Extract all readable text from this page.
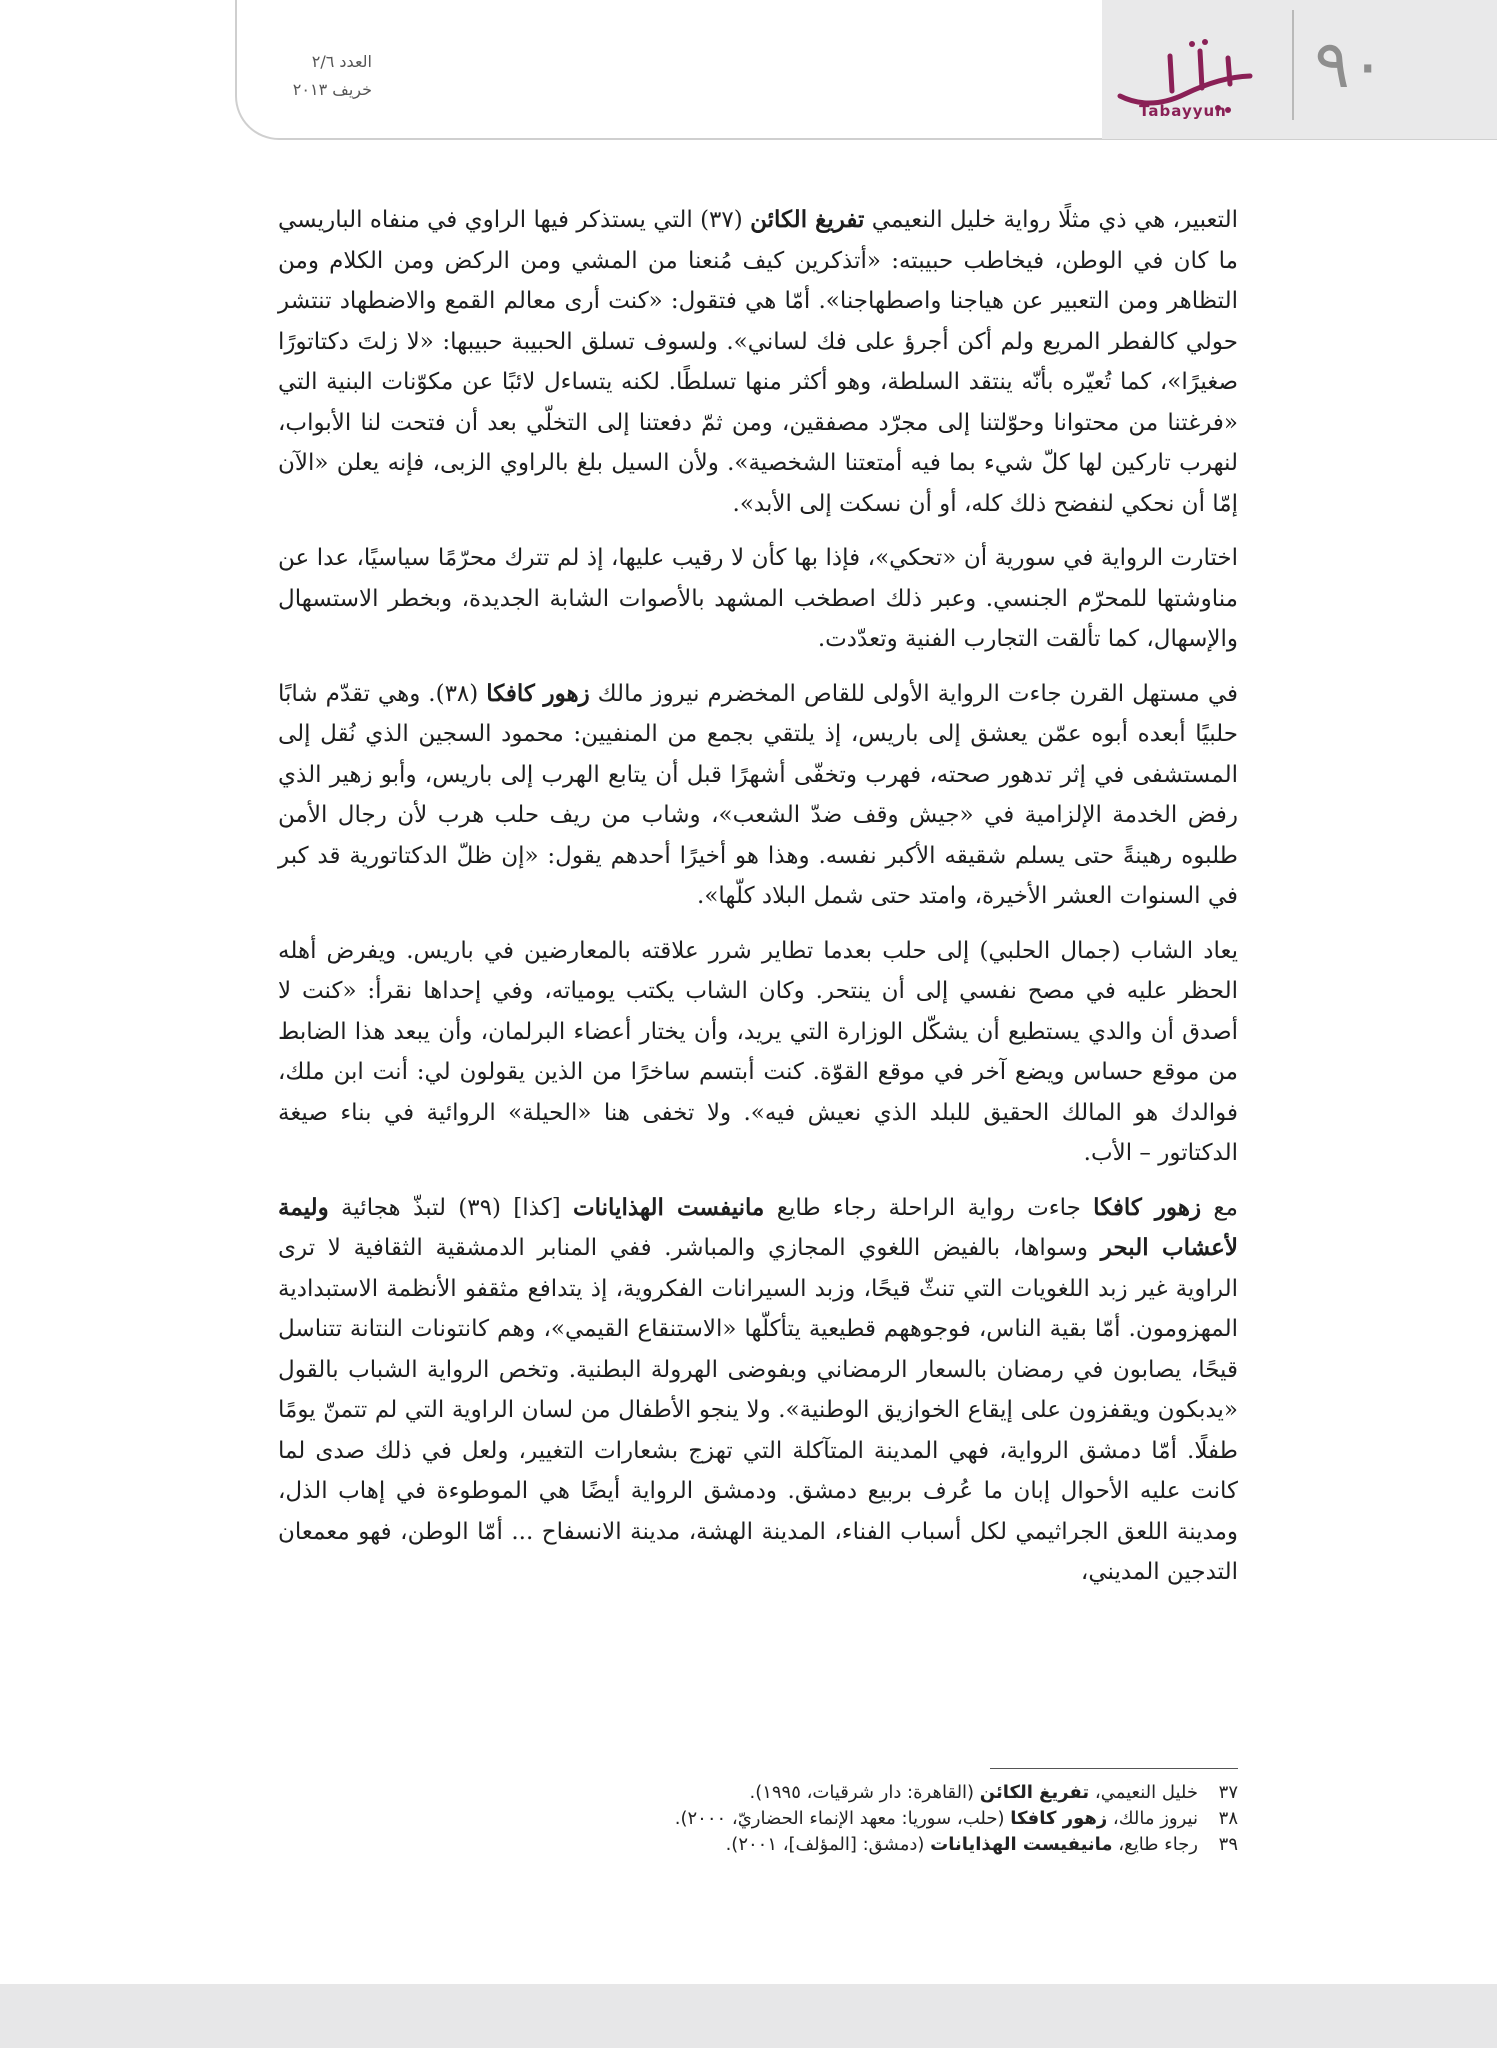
العدد ٢/٦
خريف ٢٠١٣
Tabayyun
٩٠

التعبير، هي ذي مثلًا رواية خليل النعيمي تفريغ الكائن (٣٧) التي يستذكر فيها الراوي في منفاه الباريسي ما كان في الوطن، فيخاطب حبيبته: «أتذكرين كيف مُنعنا من المشي ومن الركض ومن الكلام ومن التظاهر ومن التعبير عن هياجنا واصطهاجنا». أمّا هي فتقول: «كنت أرى معالم القمع والاضطهاد تنتشر حولي كالفطر المريع ولم أكن أجرؤ على فك لساني». ولسوف تسلق الحبيبة حبيبها: «لا زلتَ دكتاتورًا صغيرًا»، كما تُعيّره بأنّه ينتقد السلطة، وهو أكثر منها تسلطًا. لكنه يتساءل لائبًا عن مكوّنات البنية التي «فرغتنا من محتوانا وحوّلتنا إلى مجرّد مصفقين، ومن ثمّ دفعتنا إلى التخلّي بعد أن فتحت لنا الأبواب، لنهرب تاركين لها كلّ شيء بما فيه أمتعتنا الشخصية». ولأن السيل بلغ بالراوي الزبى، فإنه يعلن «الآن إمّا أن نحكي لنفضح ذلك كله، أو أن نسكت إلى الأبد».

اختارت الرواية في سورية أن «تحكي»، فإذا بها كأن لا رقيب عليها، إذ لم تترك محرّمًا سياسيًا، عدا عن مناوشتها للمحرّم الجنسي. وعبر ذلك اصطخب المشهد بالأصوات الشابة الجديدة، وبخطر الاستسهال والإسهال، كما تألقت التجارب الفنية وتعدّدت.

في مستهل القرن جاءت الرواية الأولى للقاص المخضرم نيروز مالك زهور كافكا (٣٨). وهي تقدّم شابًا حلبيًا أبعده أبوه عمّن يعشق إلى باريس، إذ يلتقي بجمع من المنفيين: محمود السجين الذي نُقل إلى المستشفى في إثر تدهور صحته، فهرب وتخفّى أشهرًا قبل أن يتابع الهرب إلى باريس، وأبو زهير الذي رفض الخدمة الإلزامية في «جيش وقف ضدّ الشعب»، وشاب من ريف حلب هرب لأن رجال الأمن طلبوه رهينةً حتى يسلم شقيقه الأكبر نفسه. وهذا هو أخيرًا أحدهم يقول: «إن ظلّ الدكتاتورية قد كبر في السنوات العشر الأخيرة، وامتد حتى شمل البلاد كلّها».

يعاد الشاب (جمال الحلبي) إلى حلب بعدما تطاير شرر علاقته بالمعارضين في باريس. ويفرض أهله الحظر عليه في مصح نفسي إلى أن ينتحر. وكان الشاب يكتب يومياته، وفي إحداها نقرأ: «كنت لا أصدق أن والدي يستطيع أن يشكّل الوزارة التي يريد، وأن يختار أعضاء البرلمان، وأن يبعد هذا الضابط من موقع حساس ويضع آخر في موقع القوّة. كنت أبتسم ساخرًا من الذين يقولون لي: أنت ابن ملك، فوالدك هو المالك الحقيق للبلد الذي نعيش فيه». ولا تخفى هنا «الحيلة» الروائية في بناء صيغة الدكتاتور – الأب.

مع زهور كافكا جاءت رواية الراحلة رجاء طايع مانيفست الهذايانات [كذا] (٣٩) لتبذّ هجائية وليمة لأعشاب البحر وسواها، بالفيض اللغوي المجازي والمباشر. ففي المنابر الدمشقية الثقافية لا ترى الراوية غير زبد اللغويات التي تنثّ قيحًا، وزبد السيرانات الفكروية، إذ يتدافع مثقفو الأنظمة الاستبدادية المهزومون. أمّا بقية الناس، فوجوههم قطيعية يتأكلّها «الاستنقاع القيمي»، وهم كانتونات النتانة تتناسل قيحًا، يصابون في رمضان بالسعار الرمضاني وبفوضى الهرولة البطنية. وتخص الرواية الشباب بالقول «يدبكون ويقفزون على إيقاع الخوازيق الوطنية». ولا ينجو الأطفال من لسان الراوية التي لم تتمنّ يومًا طفلًا. أمّا دمشق الرواية، فهي المدينة المتآكلة التي تهزج بشعارات التغيير، ولعل في ذلك صدى لما كانت عليه الأحوال إبان ما عُرف بربيع دمشق. ودمشق الرواية أيضًا هي الموطوءة في إهاب الذل، ومدينة اللعق الجراثيمي لكل أسباب الفناء، المدينة الهشة، مدينة الانسفاح ... أمّا الوطن، فهو معمعان التدجين المديني،

٣٧
خليل النعيمي، تفريغ الكائن (القاهرة: دار شرقيات، ١٩٩٥).
٣٨
نيروز مالك، زهور كافكا (حلب، سوريا: معهد الإنماء الحضاريّ، ٢٠٠٠).
٣٩
رجاء طايع، مانيفيست الهذايانات (دمشق: [المؤلف]، ٢٠٠١).
